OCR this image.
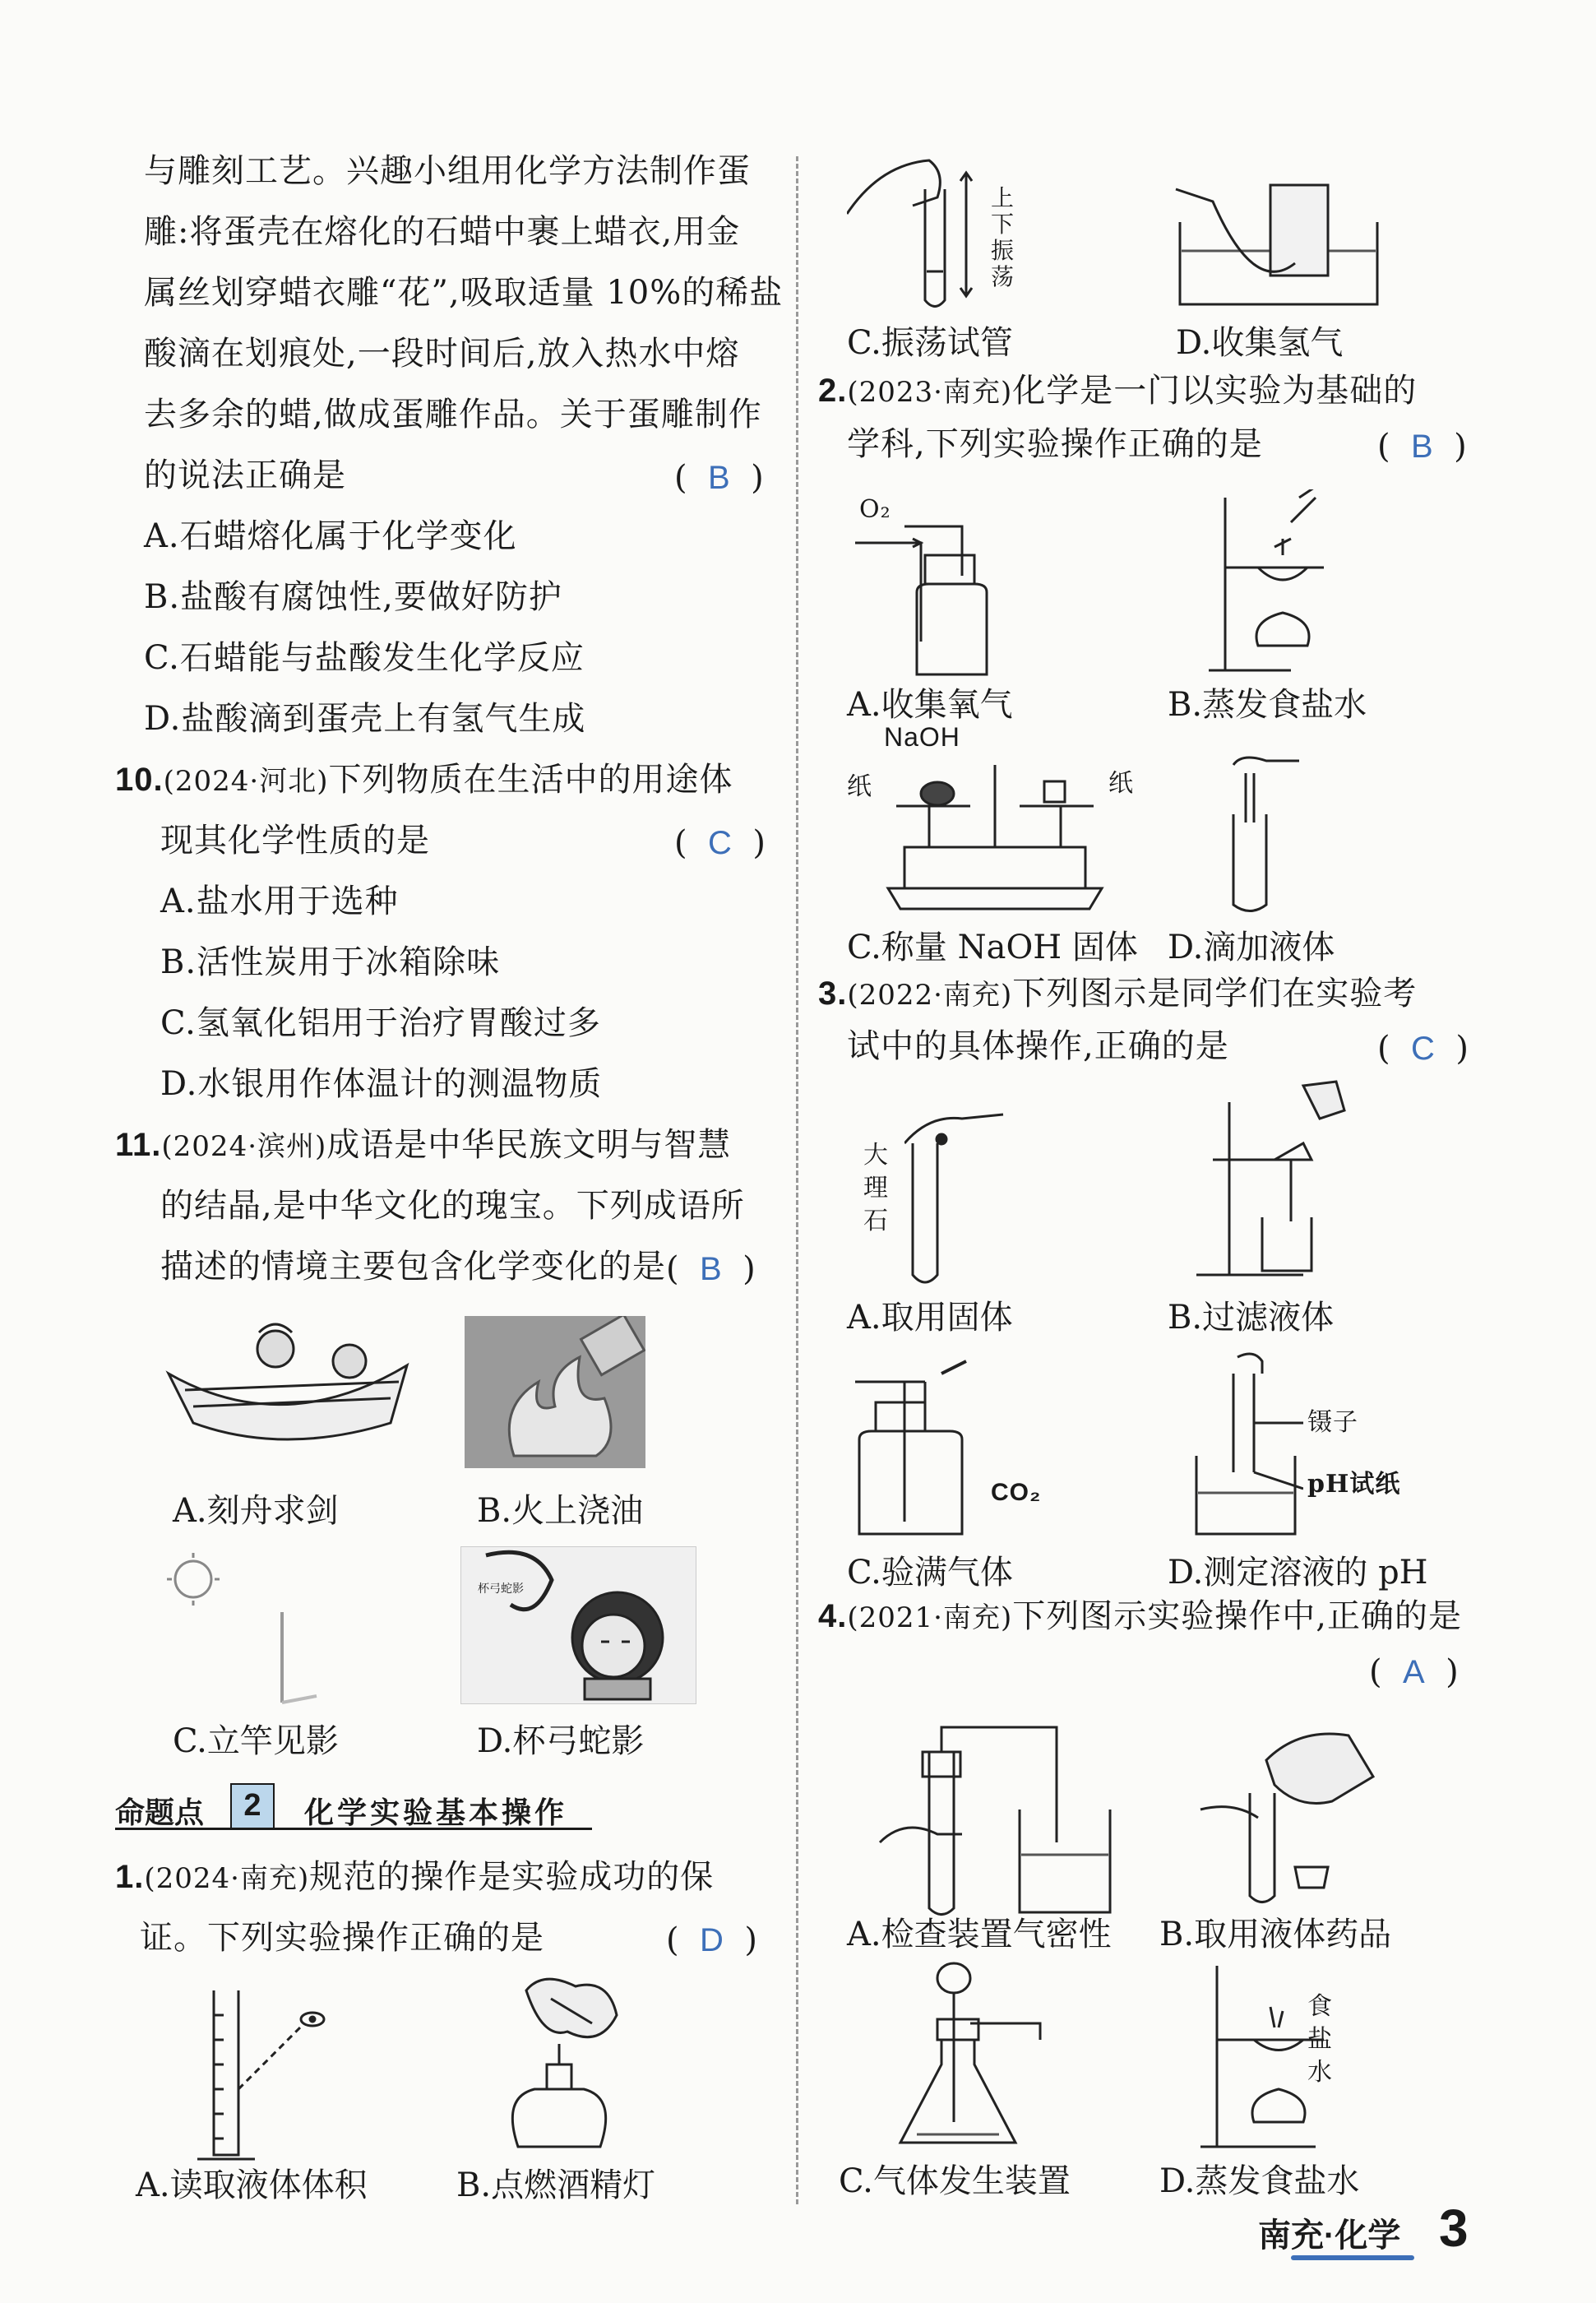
与雕刻工艺。兴趣小组用化学方法制作蛋
雕:将蛋壳在熔化的石蜡中裹上蜡衣,用金
属丝划穿蜡衣雕“花”,吸取适量 10%的稀盐
酸滴在划痕处,一段时间后,放入热水中熔
去多余的蜡,做成蛋雕作品。关于蛋雕制作
的说法正确是	(  B  )
A.石蜡熔化属于化学变化
B.盐酸有腐蚀性,要做好防护
C.石蜡能与盐酸发生化学反应
D.盐酸滴到蛋壳上有氢气生成
10.(2024·河北)下列物质在生活中的用途体
现其化学性质的是	(  C  )
A.盐水用于选种
B.活性炭用于冰箱除味
C.氢氧化铝用于治疗胃酸过多
D.水银用作体温计的测温物质
11.(2024·滨州)成语是中华民族文明与智慧
的结晶,是中华文化的瑰宝。下列成语所
描述的情境主要包含化学变化的是 (  B  )
A.刻舟求剑	B.火上浇油
C.立竿见影
杯弓蛇影
D.杯弓蛇影
命题点	2	化学实验基本操作
1.(2024·南充)规范的操作是实验成功的保
证。下列实验操作正确的是	(  D  )
A.读取液体体积	B.点燃酒精灯
上下振荡
C.振荡试管	D.收集氢气
2.(2023·南充)化学是一门以实验为基础的
学科,下列实验操作正确的是	(  B  )
O₂
A.收集氧气	B.蒸发食盐水
NaOH
纸	纸
C.称量 NaOH 固体 D.滴加液体
3.(2022·南充)下列图示是同学们在实验考
试中的具体操作,正确的是	(  C  )
大理石
A.取用固体	B.过滤液体
CO₂
C.验满气体
镊子
pH试纸
D.测定溶液的 pH
4.(2021·南充)下列图示实验操作中,正确的是
(  A  )
A.检查装置气密性 B.取用液体药品
C.气体发生装置
食盐水
D.蒸发食盐水
南充·化学 3
